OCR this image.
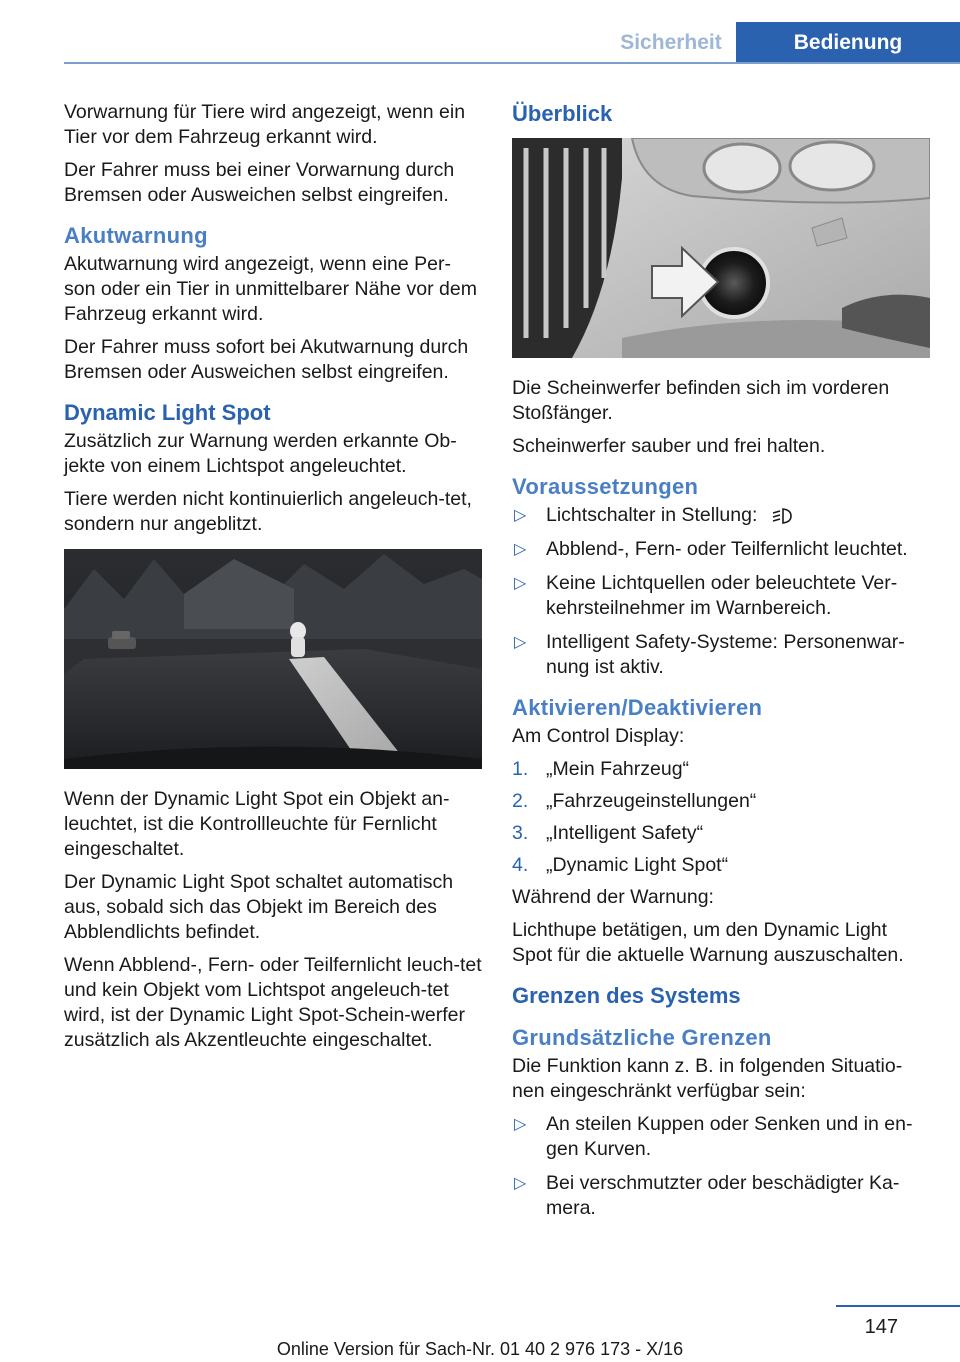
Sicherheit	Bedienung

Vorwarnung für Tiere wird angezeigt, wenn ein Tier vor dem Fahrzeug erkannt wird.

Der Fahrer muss bei einer Vorwarnung durch Bremsen oder Ausweichen selbst eingreifen.

Akutwarnung

Akutwarnung wird angezeigt, wenn eine Per‐son oder ein Tier in unmittelbarer Nähe vor dem Fahrzeug erkannt wird.

Der Fahrer muss sofort bei Akutwarnung durch Bremsen oder Ausweichen selbst eingreifen.

Dynamic Light Spot

Zusätzlich zur Warnung werden erkannte Ob‐jekte von einem Lichtspot angeleuchtet.

Tiere werden nicht kontinuierlich angeleuch‐tet, sondern nur angeblitzt.

Wenn der Dynamic Light Spot ein Objekt an‐leuchtet, ist die Kontrollleuchte für Fernlicht eingeschaltet.

Der Dynamic Light Spot schaltet automatisch aus, sobald sich das Objekt im Bereich des Abblendlichts befindet.

Wenn Abblend-, Fern- oder Teilfernlicht leuch‐tet und kein Objekt vom Lichtspot angeleuch‐tet wird, ist der Dynamic Light Spot-Schein‐werfer zusätzlich als Akzentleuchte eingeschaltet.

Überblick

Die Scheinwerfer befinden sich im vorderen Stoßfänger.

Scheinwerfer sauber und frei halten.

Voraussetzungen
▷ Lichtschalter in Stellung:
▷ Abblend-, Fern- oder Teilfernlicht leuchtet.
▷ Keine Lichtquellen oder beleuchtete Ver‐kehrsteilnehmer im Warnbereich.
▷ Intelligent Safety-Systeme: Personenwar‐nung ist aktiv.
Aktivieren/Deaktivieren

Am Control Display:

1. „Mein Fahrzeug“
2. „Fahrzeugeinstellungen“
3. „Intelligent Safety“
4. „Dynamic Light Spot“

Während der Warnung:

Lichthupe betätigen, um den Dynamic Light Spot für die aktuelle Warnung auszuschalten.

Grenzen des Systems
Grundsätzliche Grenzen

Die Funktion kann z. B. in folgenden Situatio‐nen eingeschränkt verfügbar sein:

▷ An steilen Kuppen oder Senken und in en‐gen Kurven.
▷ Bei verschmutzter oder beschädigter Ka‐mera.
147
Online Version für Sach-Nr. 01 40 2 976 173 - X/16
